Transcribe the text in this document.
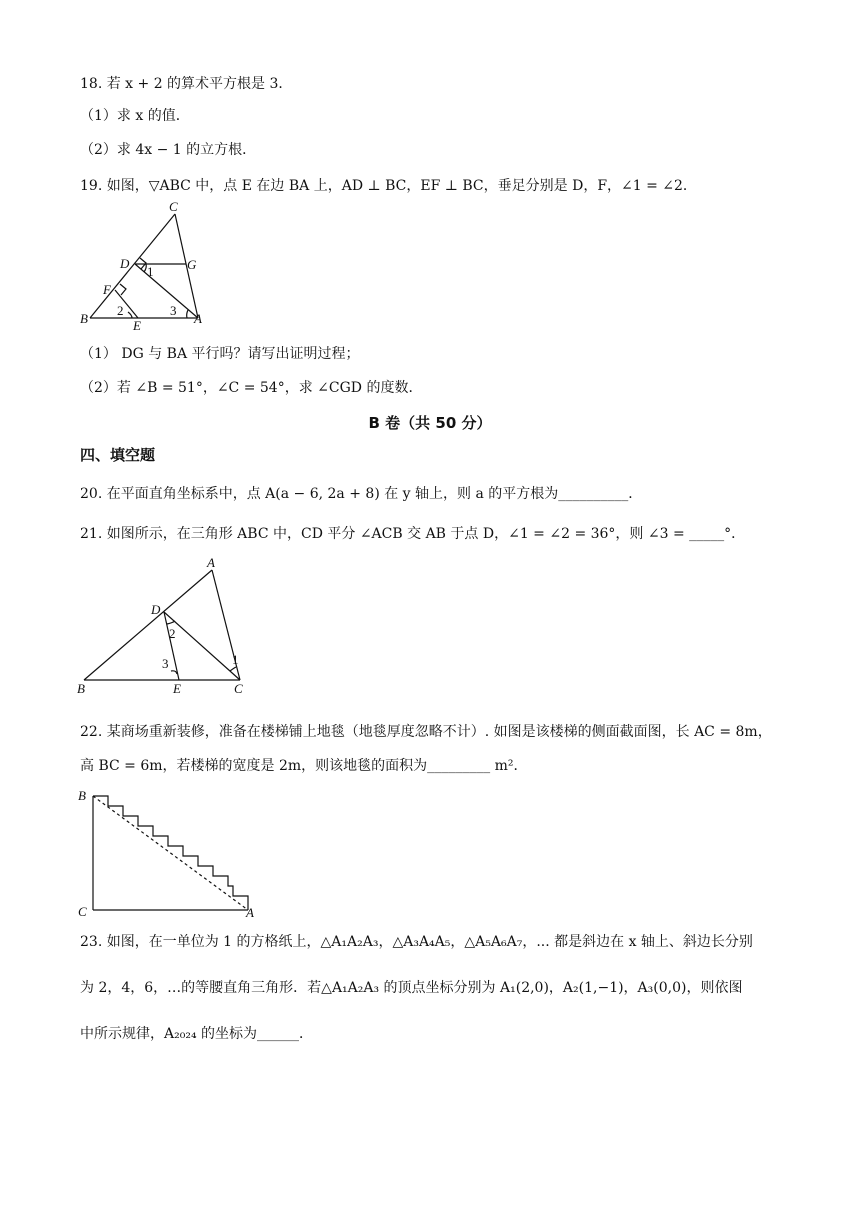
18. 若 x + 2 的算术平方根是 3．
（1）求 x 的值．
（2）求 4x − 1 的立方根．
19. 如图，▽ABC 中，点 E 在边 BA 上，AD ⊥ BC，EF ⊥ BC，垂足分别是 D，F，∠1 = ∠2．
C
D	G
F
B	E	A
1
2	3
（1） DG 与 BA 平行吗？请写出证明过程；
（2）若 ∠B = 51°，∠C = 54°，求 ∠CGD 的度数．
B 卷（共 50 分）
四、填空题
20. 在平面直角坐标系中，点 A(a − 6, 2a + 8) 在 y 轴上，则 a 的平方根为__________．
21. 如图所示，在三角形 ABC 中，CD 平分 ∠ACB 交 AB 于点 D，∠1 = ∠2 = 36°，则 ∠3 = _____°．
A
D
B	E	C
2
3	1
22. 某商场重新装修，准备在楼梯铺上地毯（地毯厚度忽略不计）. 如图是该楼梯的侧面截面图，长 AC = 8m，
高 BC = 6m，若楼梯的宽度是 2m，则该地毯的面积为_________ m²．
B
C	A
23. 如图，在一单位为 1 的方格纸上，△A₁A₂A₃，△A₃A₄A₅，△A₅A₆A₇，... 都是斜边在 x 轴上、斜边长分别
为 2，4，6，…的等腰直角三角形．若△A₁A₂A₃ 的顶点坐标分别为 A₁(2,0)，A₂(1,−1)，A₃(0,0)，则依图
中所示规律，A₂₀₂₄ 的坐标为______．
